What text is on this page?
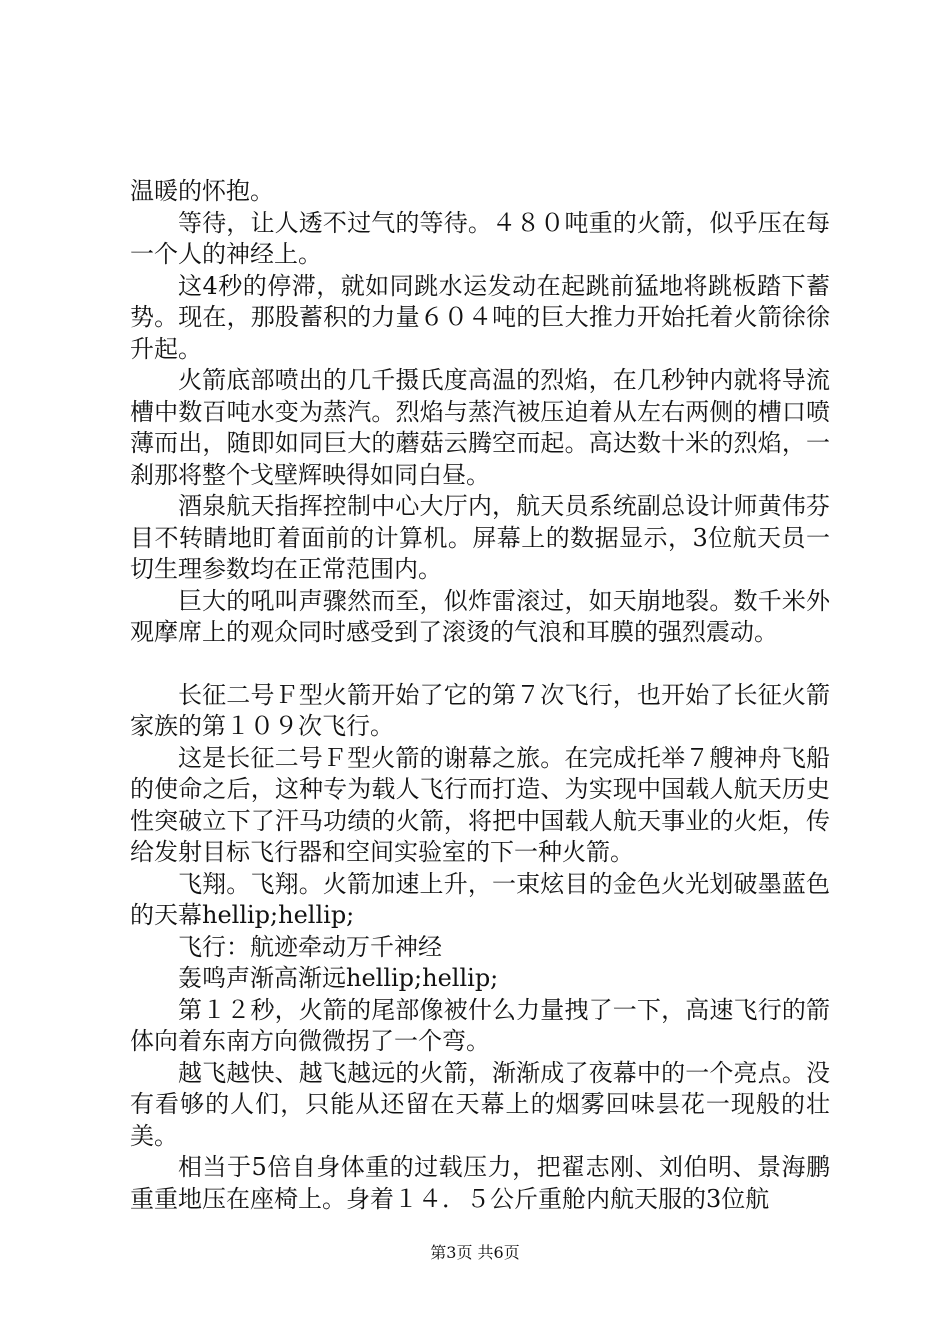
温暖的怀抱。

等待，让人透不过气的等待。４８０吨重的火箭，似乎压在每一个人的神经上。

这4秒的停滞，就如同跳水运发动在起跳前猛地将跳板踏下蓄势。现在，那股蓄积的力量６０４吨的巨大推力开始托着火箭徐徐升起。

火箭底部喷出的几千摄氏度高温的烈焰，在几秒钟内就将导流槽中数百吨水变为蒸汽。烈焰与蒸汽被压迫着从左右两侧的槽口喷薄而出，随即如同巨大的蘑菇云腾空而起。高达数十米的烈焰，一刹那将整个戈壁辉映得如同白昼。

酒泉航天指挥控制中心大厅内，航天员系统副总设计师黄伟芬目不转睛地盯着面前的计算机。屏幕上的数据显示，3位航天员一切生理参数均在正常范围内。

巨大的吼叫声骤然而至，似炸雷滚过，如天崩地裂。数千米外观摩席上的观众同时感受到了滚烫的气浪和耳膜的强烈震动。

长征二号Ｆ型火箭开始了它的第７次飞行，也开始了长征火箭家族的第１０９次飞行。

这是长征二号Ｆ型火箭的谢幕之旅。在完成托举７艘神舟飞船的使命之后，这种专为载人飞行而打造、为实现中国载人航天历史性突破立下了汗马功绩的火箭，将把中国载人航天事业的火炬，传给发射目标飞行器和空间实验室的下一种火箭。

飞翔。飞翔。火箭加速上升，一束炫目的金色火光划破墨蓝色的天幕hellip;hellip;

飞行：航迹牵动万千神经

轰鸣声渐高渐远hellip;hellip;

第１２秒，火箭的尾部像被什么力量拽了一下，高速飞行的箭体向着东南方向微微拐了一个弯。

越飞越快、越飞越远的火箭，渐渐成了夜幕中的一个亮点。没有看够的人们，只能从还留在天幕上的烟雾回味昙花一现般的壮美。

相当于5倍自身体重的过载压力，把翟志刚、刘伯明、景海鹏重重地压在座椅上。身着１４．５公斤重舱内航天服的3位航

第3页 共6页
